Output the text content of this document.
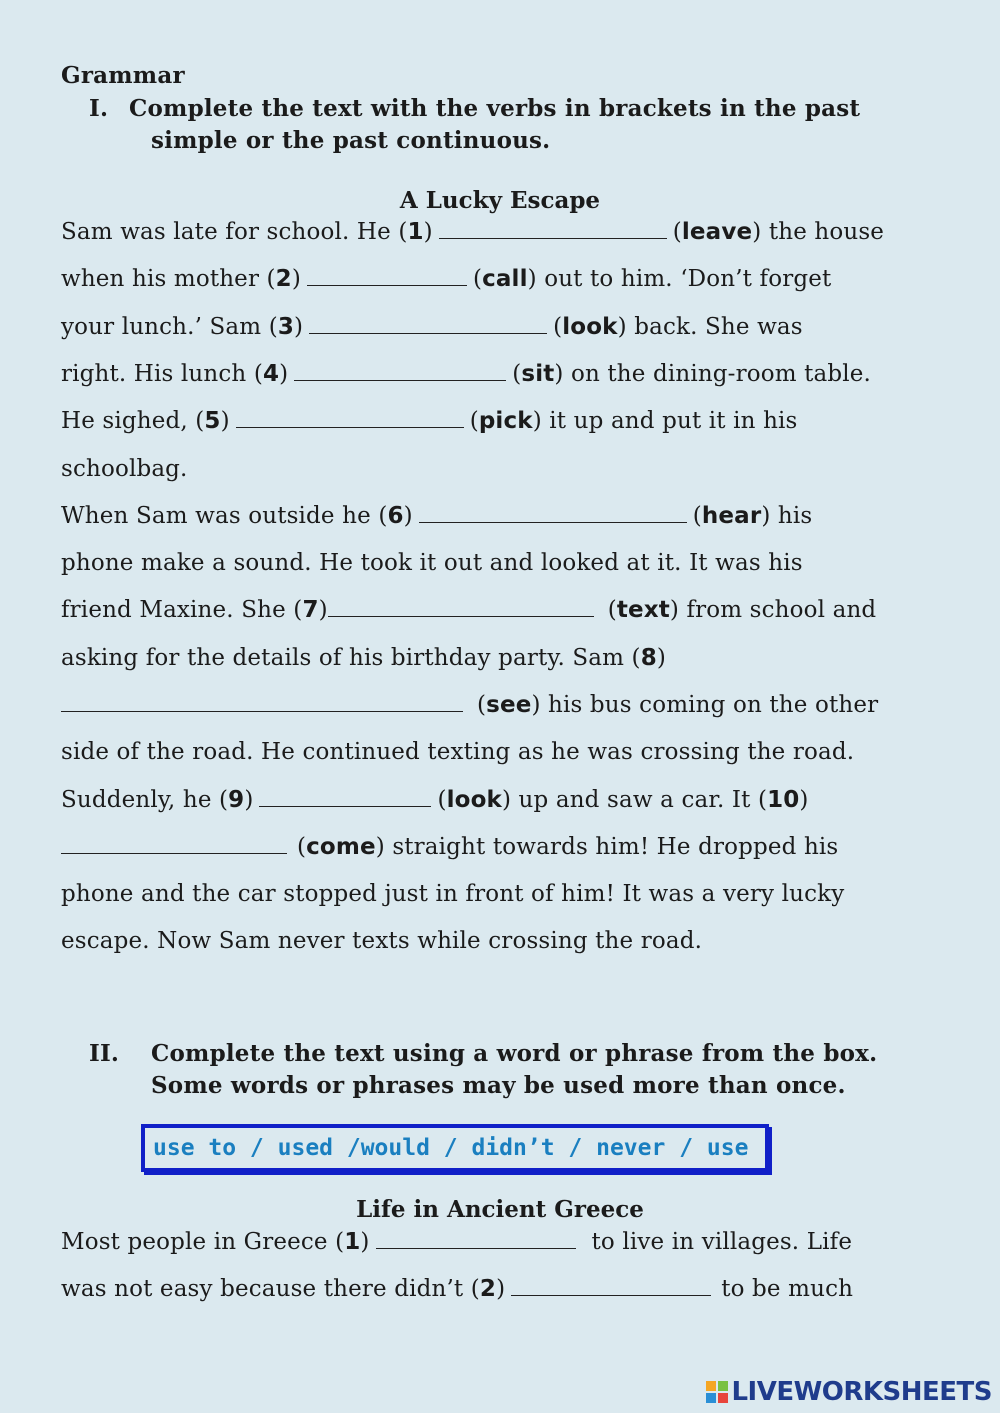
Grammar
I. Complete the text with the verbs in brackets in the past
simple or the past continuous.
A Lucky Escape
Sam was late for school. He (1)	(leave) the house
when his mother (2)	(call) out to him. ‘Don’t forget
your lunch.’ Sam (3)	(look) back. She was
right. His lunch (4)	(sit) on the dining-room table.
He sighed, (5)	(pick) it up and put it in his
schoolbag.
When Sam was outside he (6)	(hear) his
phone make a sound. He took it out and looked at it. It was his
friend Maxine. She (7)	(text) from school and
asking for the details of his birthday party. Sam (8)
(see) his bus coming on the other
side of the road. He continued texting as he was crossing the road.
Suddenly, he (9)	(look) up and saw a car. It (10)
(come) straight towards him! He dropped his
phone and the car stopped just in front of him! It was a very lucky
escape. Now Sam never texts while crossing the road.
II. Complete the text using a word or phrase from the box.
Some words or phrases may be used more than once.
use to / used /would / didn’t / never / use
Life in Ancient Greece
Most people in Greece (1)	to live in villages. Life
was not easy because there didn’t (2)	to be much
LIVEWORKSHEETS
